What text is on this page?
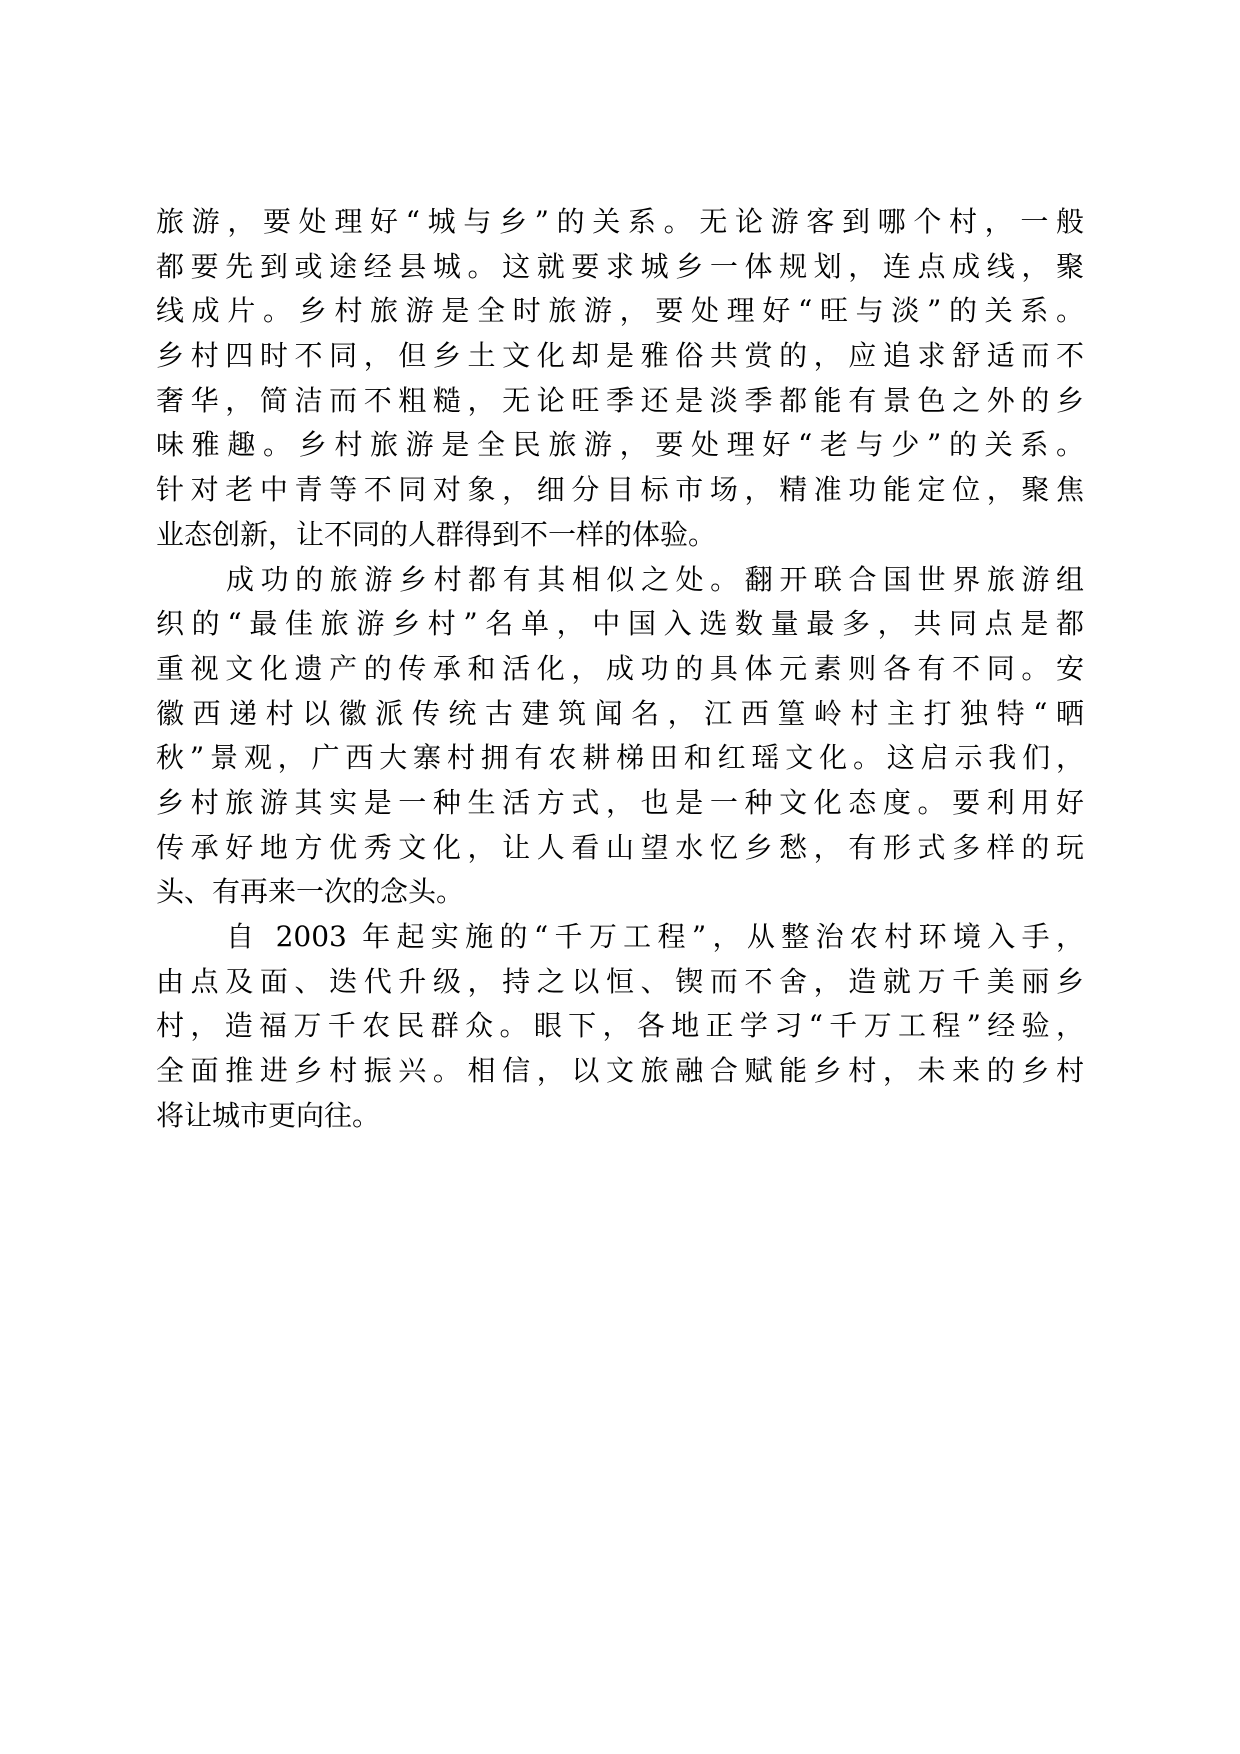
旅游，要处理好“城与乡”的关系。无论游客到哪个村，一般
都要先到或途经县城。这就要求城乡一体规划，连点成线，聚
线成片。乡村旅游是全时旅游，要处理好“旺与淡”的关系。
乡村四时不同，但乡土文化却是雅俗共赏的，应追求舒适而不
奢华，简洁而不粗糙，无论旺季还是淡季都能有景色之外的乡
味雅趣。乡村旅游是全民旅游，要处理好“老与少”的关系。
针对老中青等不同对象，细分目标市场，精准功能定位，聚焦
业态创新，让不同的人群得到不一样的体验。
成功的旅游乡村都有其相似之处。翻开联合国世界旅游组
织的“最佳旅游乡村”名单，中国入选数量最多，共同点是都
重视文化遗产的传承和活化，成功的具体元素则各有不同。安
徽西递村以徽派传统古建筑闻名，江西篁岭村主打独特“晒
秋”景观，广西大寨村拥有农耕梯田和红瑶文化。这启示我们，
乡村旅游其实是一种生活方式，也是一种文化态度。要利用好
传承好地方优秀文化，让人看山望水忆乡愁，有形式多样的玩
头、有再来一次的念头。
自 2003 年起实施的“千万工程”，从整治农村环境入手，
由点及面、迭代升级，持之以恒、锲而不舍，造就万千美丽乡
村，造福万千农民群众。眼下，各地正学习“千万工程”经验，
全面推进乡村振兴。相信，以文旅融合赋能乡村，未来的乡村
将让城市更向往。
